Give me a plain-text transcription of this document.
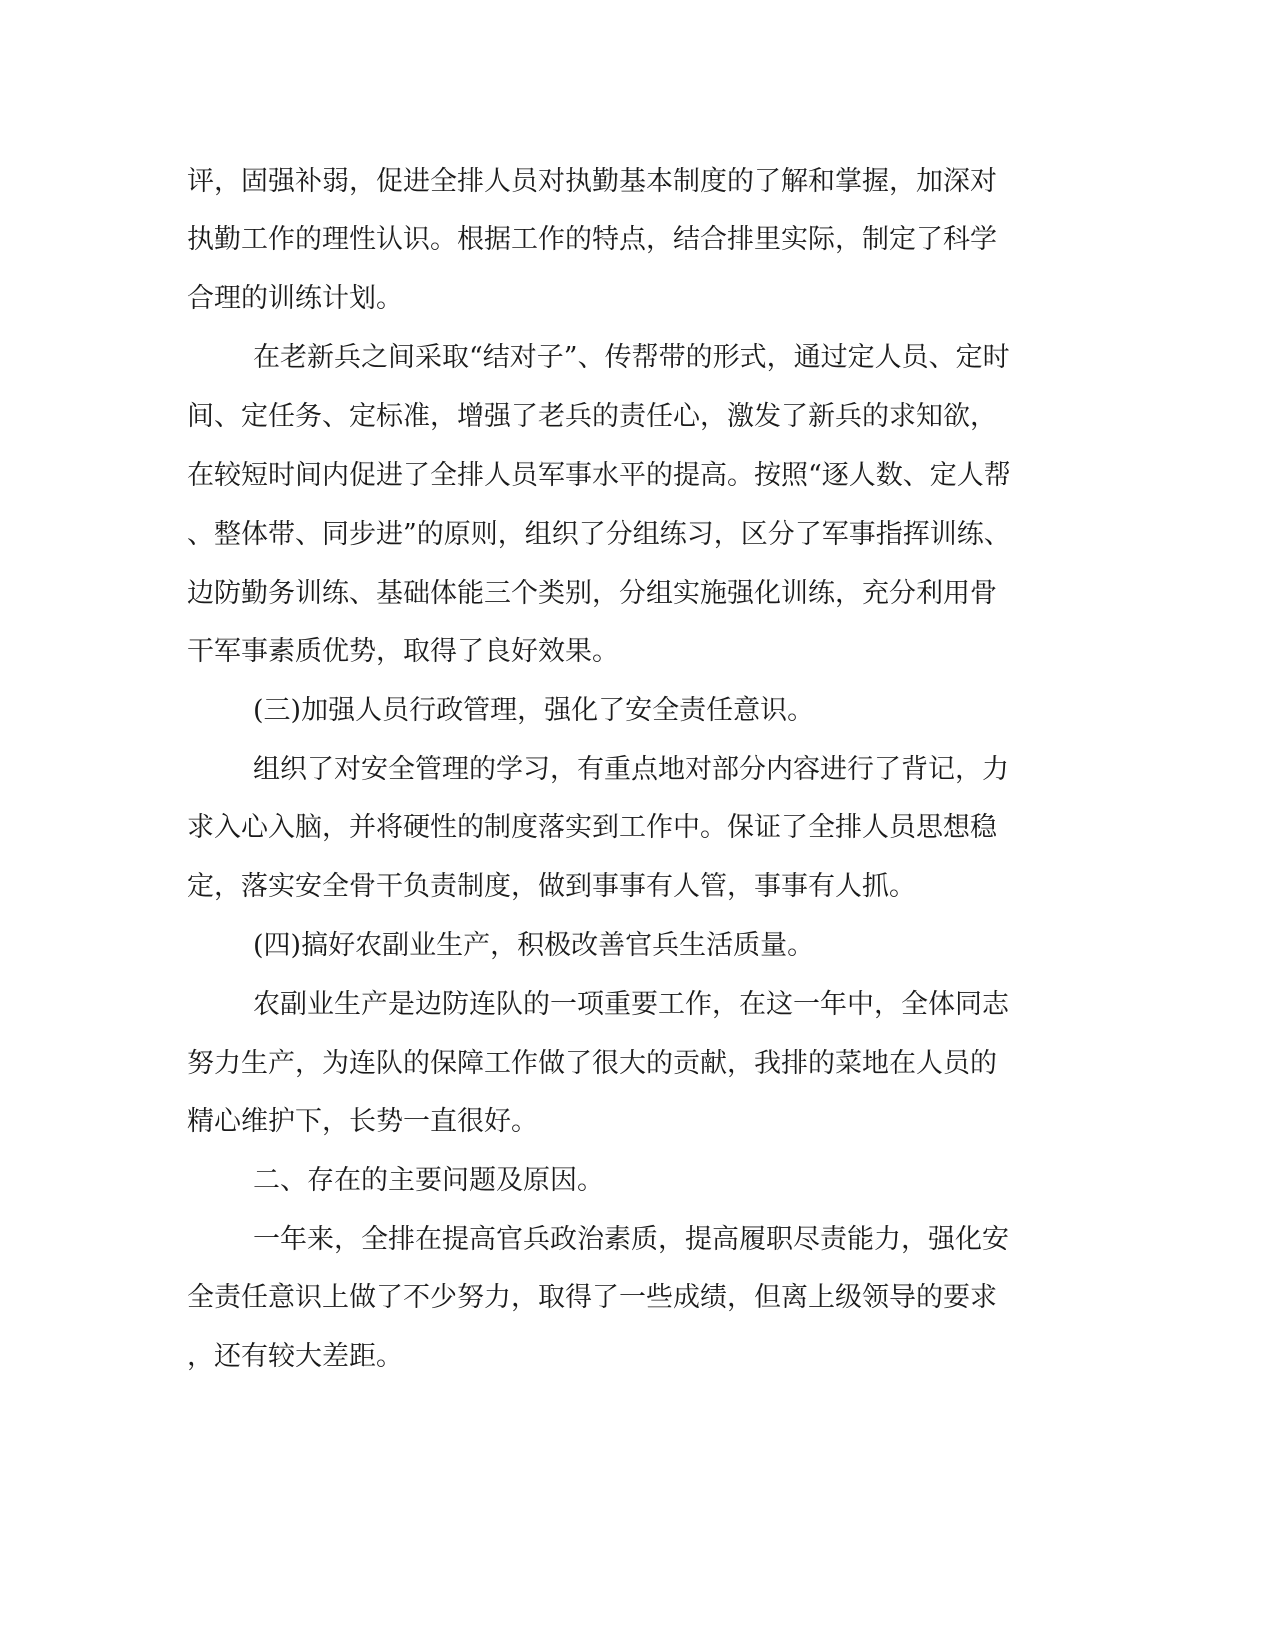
评，固强补弱，促进全排人员对执勤基本制度的了解和掌握，加深对
执勤工作的理性认识。根据工作的特点，结合排里实际，制定了科学
合理的训练计划。
在老新兵之间采取“结对子”、传帮带的形式，通过定人员、定时
间、定任务、定标准，增强了老兵的责任心，激发了新兵的求知欲，
在较短时间内促进了全排人员军事水平的提高。按照“逐人数、定人帮
、整体带、同步进”的原则，组织了分组练习，区分了军事指挥训练、
边防勤务训练、基础体能三个类别，分组实施强化训练，充分利用骨
干军事素质优势，取得了良好效果。
(三)加强人员行政管理，强化了安全责任意识。
组织了对安全管理的学习，有重点地对部分内容进行了背记，力
求入心入脑，并将硬性的制度落实到工作中。保证了全排人员思想稳
定，落实安全骨干负责制度，做到事事有人管，事事有人抓。
(四)搞好农副业生产，积极改善官兵生活质量。
农副业生产是边防连队的一项重要工作，在这一年中，全体同志
努力生产，为连队的保障工作做了很大的贡献，我排的菜地在人员的
精心维护下，长势一直很好。
二、存在的主要问题及原因。
一年来，全排在提高官兵政治素质，提高履职尽责能力，强化安
全责任意识上做了不少努力，取得了一些成绩，但离上级领导的要求
，还有较大差距。
